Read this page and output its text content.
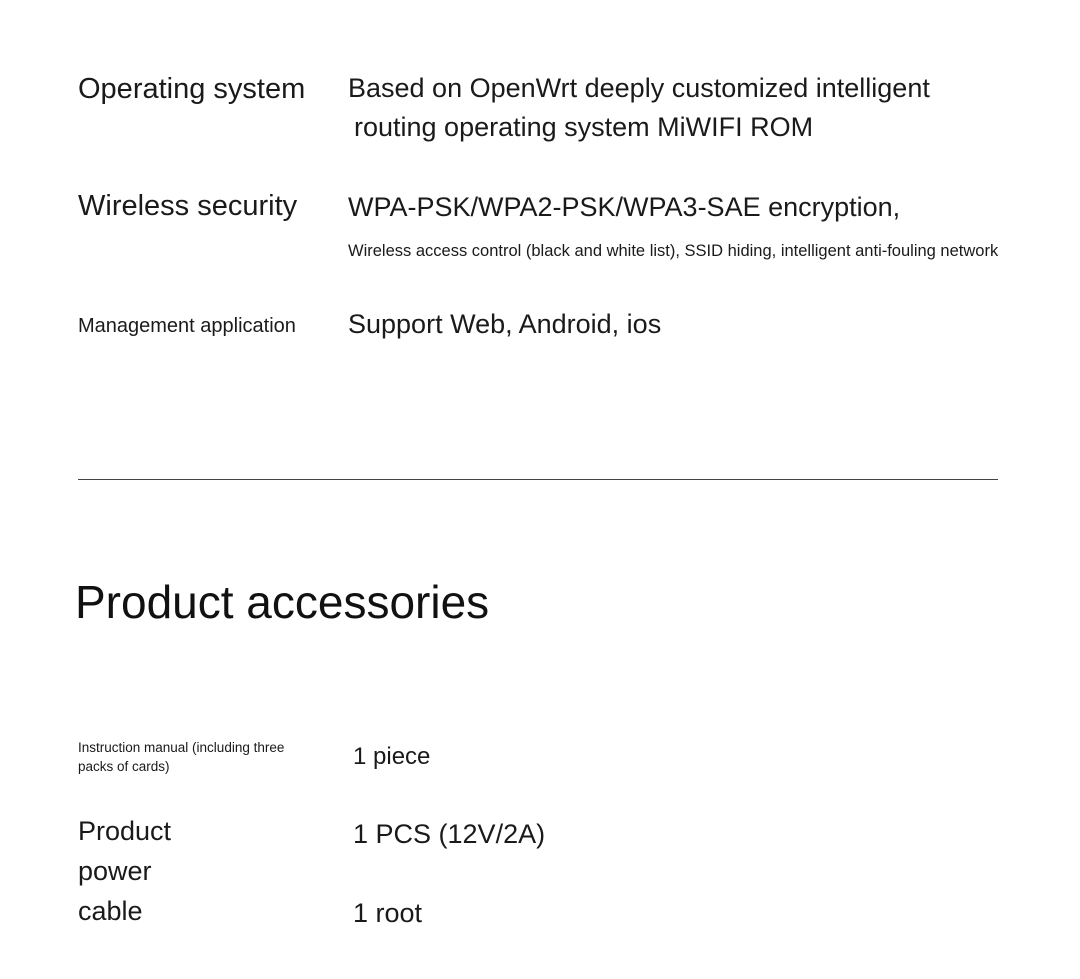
Operating system Based on OpenWrt deeply customized intelligent
routing operating system MiWIFI ROM
Wireless security WPA-PSK/WPA2-PSK/WPA3-SAE encryption,
Wireless access control (black and white list), SSID hiding, intelligent anti-fouling network
Management application Support Web, Android, ios
Product accessories
Instruction manual (including three packs of cards)	1 piece
Product
power
cable
1 PCS (12V/2A)
1 root
